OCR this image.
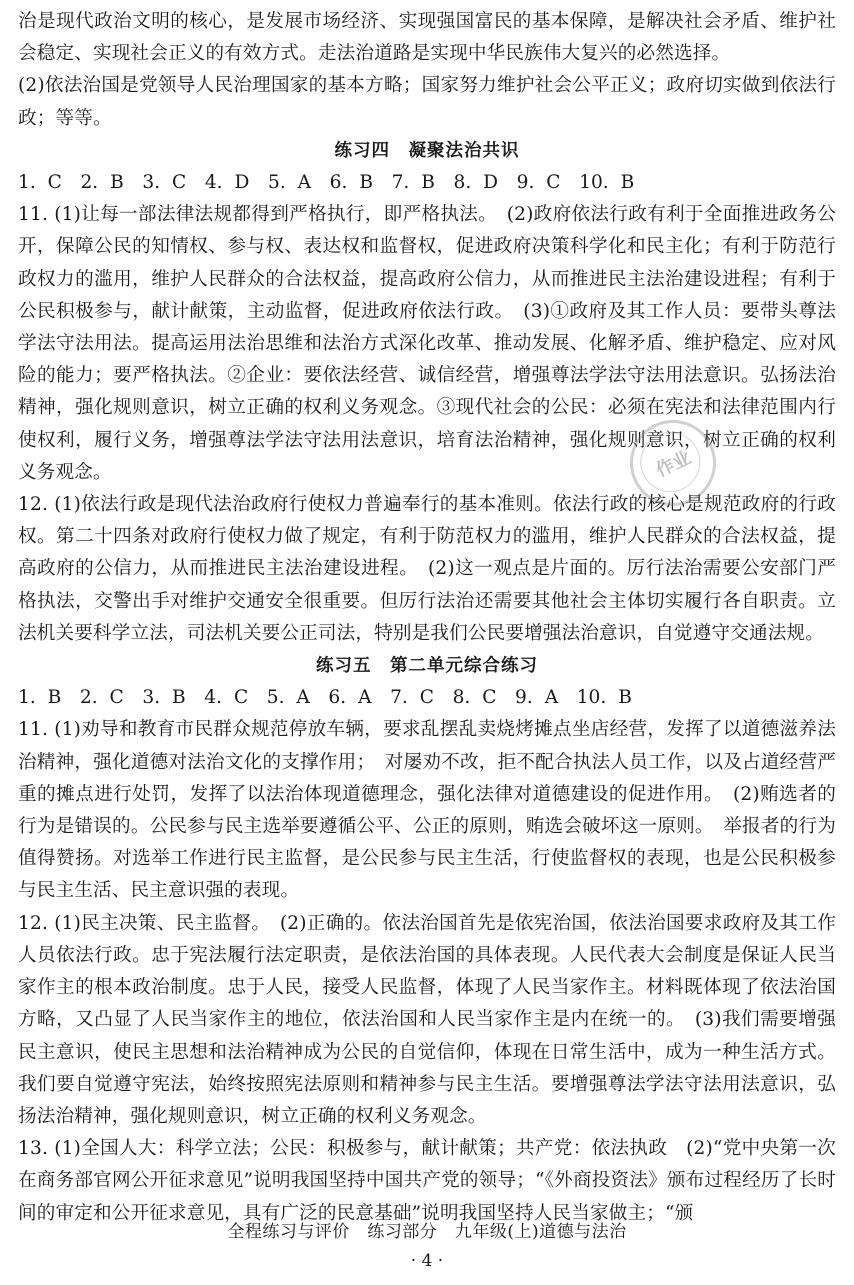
治是现代政治文明的核心，是发展市场经济、实现强国富民的基本保障，是解决社会矛盾、维护社会稳定、实现社会正义的有效方式。走法治道路是实现中华民族伟大复兴的必然选择。

(2)依法治国是党领导人民治理国家的基本方略；国家努力维护社会公平正义；政府切实做到依法行政；等等。

练习四　凝聚法治共识

1. C　2. B　3. C　4. D　5. A　6. B　7. B　8. D　9. C　10. B

11. (1)让每一部法律法规都得到严格执行，即严格执法。　(2)政府依法行政有利于全面推进政务公开，保障公民的知情权、参与权、表达权和监督权，促进政府决策科学化和民主化；有利于防范行政权力的滥用，维护人民群众的合法权益，提高政府公信力，从而推进民主法治建设进程；有利于公民积极参与，献计献策，主动监督，促进政府依法行政。　(3)①政府及其工作人员：要带头尊法学法守法用法。提高运用法治思维和法治方式深化改革、推动发展、化解矛盾、维护稳定、应对风险的能力；要严格执法。②企业：要依法经营、诚信经营，增强尊法学法守法用法意识。弘扬法治精神，强化规则意识，树立正确的权利义务观念。③现代社会的公民：必须在宪法和法律范围内行使权利，履行义务，增强尊法学法守法用法意识，培育法治精神，强化规则意识，树立正确的权利义务观念。

12. (1)依法行政是现代法治政府行使权力普遍奉行的基本准则。依法行政的核心是规范政府的行政权。第二十四条对政府行使权力做了规定，有利于防范权力的滥用，维护人民群众的合法权益，提高政府的公信力，从而推进民主法治建设进程。　(2)这一观点是片面的。厉行法治需要公安部门严格执法，交警出手对维护交通安全很重要。但厉行法治还需要其他社会主体切实履行各自职责。立法机关要科学立法，司法机关要公正司法，特别是我们公民要增强法治意识，自觉遵守交通法规。

练习五　第二单元综合练习

1. B　2. C　3. B　4. C　5. A　6. A　7. C　8. C　9. A　10. B

11. (1)劝导和教育市民群众规范停放车辆，要求乱摆乱卖烧烤摊点坐店经营，发挥了以道德滋养法治精神，强化道德对法治文化的支撑作用；　对屡劝不改，拒不配合执法人员工作，以及占道经营严重的摊点进行处罚，发挥了以法治体现道德理念，强化法律对道德建设的促进作用。　(2)贿选者的行为是错误的。公民参与民主选举要遵循公平、公正的原则，贿选会破坏这一原则。　举报者的行为值得赞扬。对选举工作进行民主监督，是公民参与民主生活，行使监督权的表现，也是公民积极参与民主生活、民主意识强的表现。

12. (1)民主决策、民主监督。　(2)正确的。依法治国首先是依宪治国，依法治国要求政府及其工作人员依法行政。忠于宪法履行法定职责，是依法治国的具体表现。人民代表大会制度是保证人民当家作主的根本政治制度。忠于人民，接受人民监督，体现了人民当家作主。材料既体现了依法治国方略，又凸显了人民当家作主的地位，依法治国和人民当家作主是内在统一的。　(3)我们需要增强民主意识，使民主思想和法治精神成为公民的自觉信仰，体现在日常生活中，成为一种生活方式。我们要自觉遵守宪法，始终按照宪法原则和精神参与民主生活。要增强尊法学法守法用法意识，弘扬法治精神，强化规则意识，树立正确的权利义务观念。

13. (1)全国人大：科学立法；公民：积极参与，献计献策；共产党：依法执政　(2)“党中央第一次在商务部官网公开征求意见”说明我国坚持中国共产党的领导；“《外商投资法》颁布过程经历了长时间的审定和公开征求意见，具有广泛的民意基础”说明我国坚持人民当家做主；“颁

作业
全程练习与评价　练习部分　九年级(上)道德与法治
· 4 ·
